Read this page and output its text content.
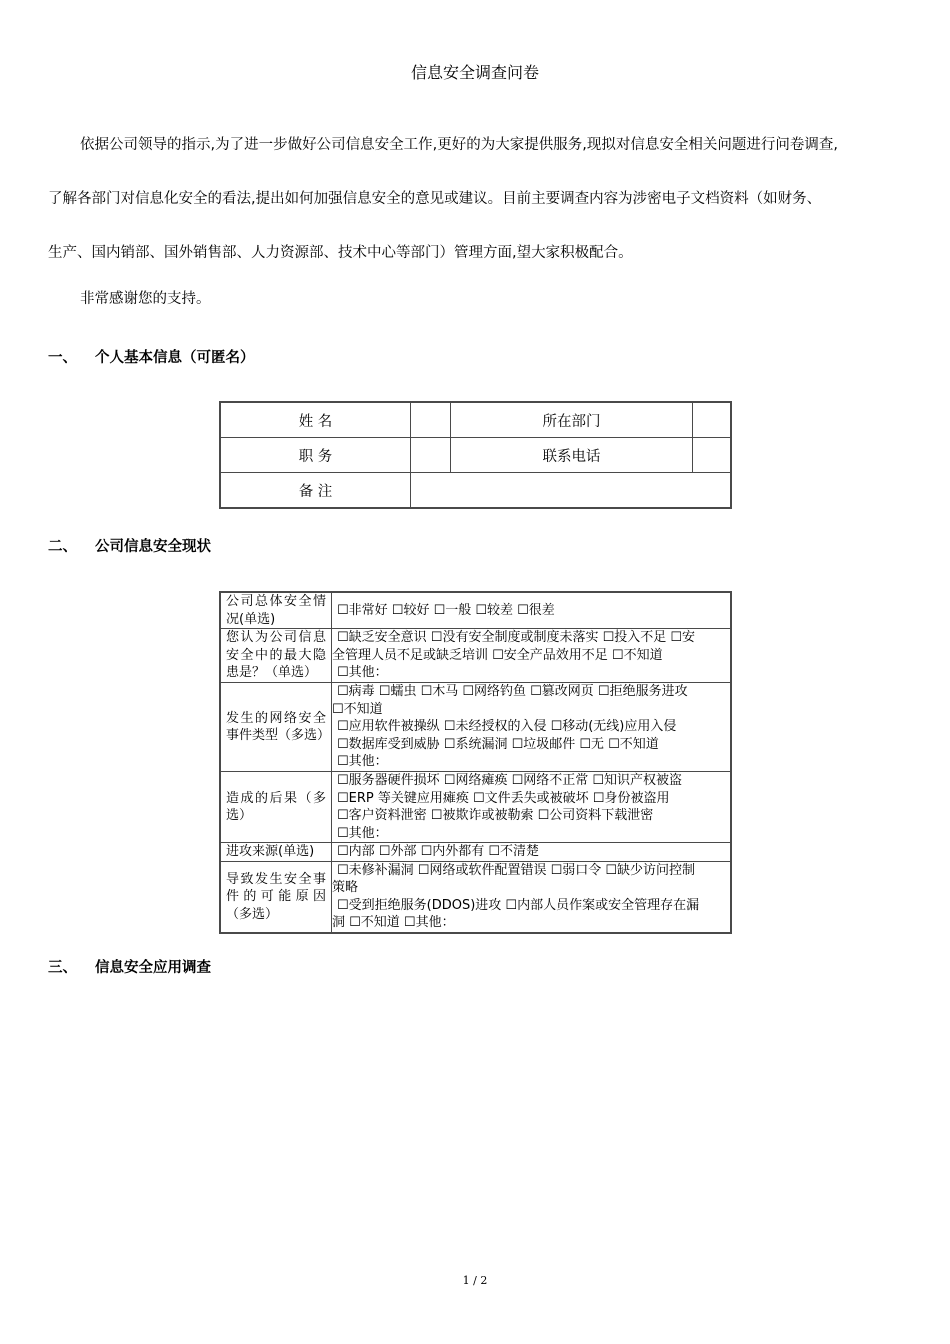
信息安全调查问卷
依据公司领导的指示,为了进一步做好公司信息安全工作,更好的为大家提供服务,现拟对信息安全相关问题进行问卷调查,
了解各部门对信息化安全的看法,提出如何加强信息安全的意见或建议。目前主要调查内容为涉密电子文档资料（如财务、
生产、国内销部、国外销售部、人力资源部、技术中心等部门）管理方面,望大家积极配合。
非常感谢您的支持。
一、 个人基本信息（可匿名）
姓 名		所在部门	
职 务		联系电话	
备 注			
二、 公司信息安全现状
公司总体安全情况(单选)	☐非常好 ☐较好 ☐一般 ☐较差 ☐很差

您认为公司信息安全中的最大隐患是？（单选）	☐缺乏安全意识 ☐没有安全制度或制度未落实 ☐投入不足 ☐安
全管理人员不足或缺乏培训 ☐安全产品效用不足 ☐不知道
☐其他：

发生的网络安全事件类型（多选）	☐病毒 ☐蠕虫 ☐木马 ☐网络钓鱼 ☐篡改网页 ☐拒绝服务进攻
☐不知道
☐应用软件被操纵 ☐未经授权的入侵 ☐移动(无线)应用入侵
☐数据库受到威胁 ☐系统漏洞 ☐垃圾邮件 ☐无 ☐不知道
☐其他：

造成的后果（多选）	☐服务器硬件损坏 ☐网络瘫痪 ☐网络不正常 ☐知识产权被盗
☐ERP 等关键应用瘫痪 ☐文件丢失或被破坏 ☐身份被盗用
☐客户资料泄密 ☐被欺诈或被勒索 ☐公司资料下载泄密
☐其他：

进攻来源(单选)	☐内部 ☐外部 ☐内外都有 ☐不清楚

导致发生安全事件的可能原因（多选）	☐未修补漏洞 ☐网络或软件配置错误 ☐弱口令 ☐缺少访问控制
策略
☐受到拒绝服务(DDOS)进攻 ☐内部人员作案或安全管理存在漏
洞 ☐不知道 ☐其他：
三、 信息安全应用调查
1 / 2
